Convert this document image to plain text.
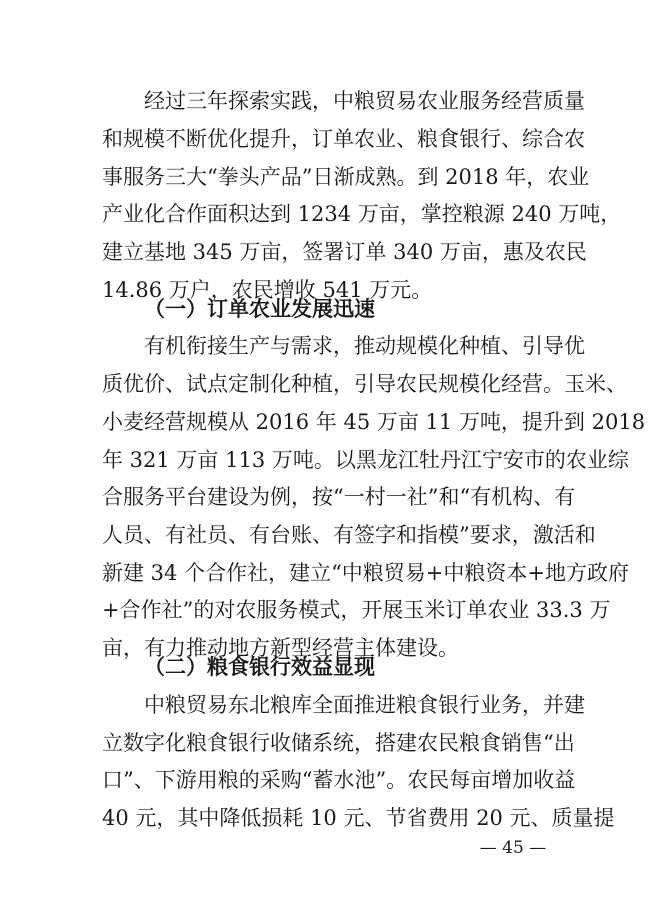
经过三年探索实践，中粮贸易农业服务经营质量
和规模不断优化提升，订单农业、粮食银行、综合农
事服务三大“拳头产品”日渐成熟。到 2018 年，农业
产业化合作面积达到 1234 万亩，掌控粮源 240 万吨，
建立基地 345 万亩，签署订单 340 万亩，惠及农民
14.86 万户，农民增收 541 万元。
（一）订单农业发展迅速
有机衔接生产与需求，推动规模化种植、引导优
质优价、试点定制化种植，引导农民规模化经营。玉米、
小麦经营规模从 2016 年 45 万亩 11 万吨，提升到 2018
年 321 万亩 113 万吨。以黑龙江牡丹江宁安市的农业综
合服务平台建设为例，按“一村一社”和“有机构、有
人员、有社员、有台账、有签字和指模”要求，激活和
新建 34 个合作社，建立“中粮贸易+中粮资本+地方政府
+合作社”的对农服务模式，开展玉米订单农业 33.3 万
亩，有力推动地方新型经营主体建设。
（二）粮食银行效益显现
中粮贸易东北粮库全面推进粮食银行业务，并建
立数字化粮食银行收储系统，搭建农民粮食销售“出
口”、下游用粮的采购“蓄水池”。农民每亩增加收益
40 元，其中降低损耗 10 元、节省费用 20 元、质量提
— 45 —
